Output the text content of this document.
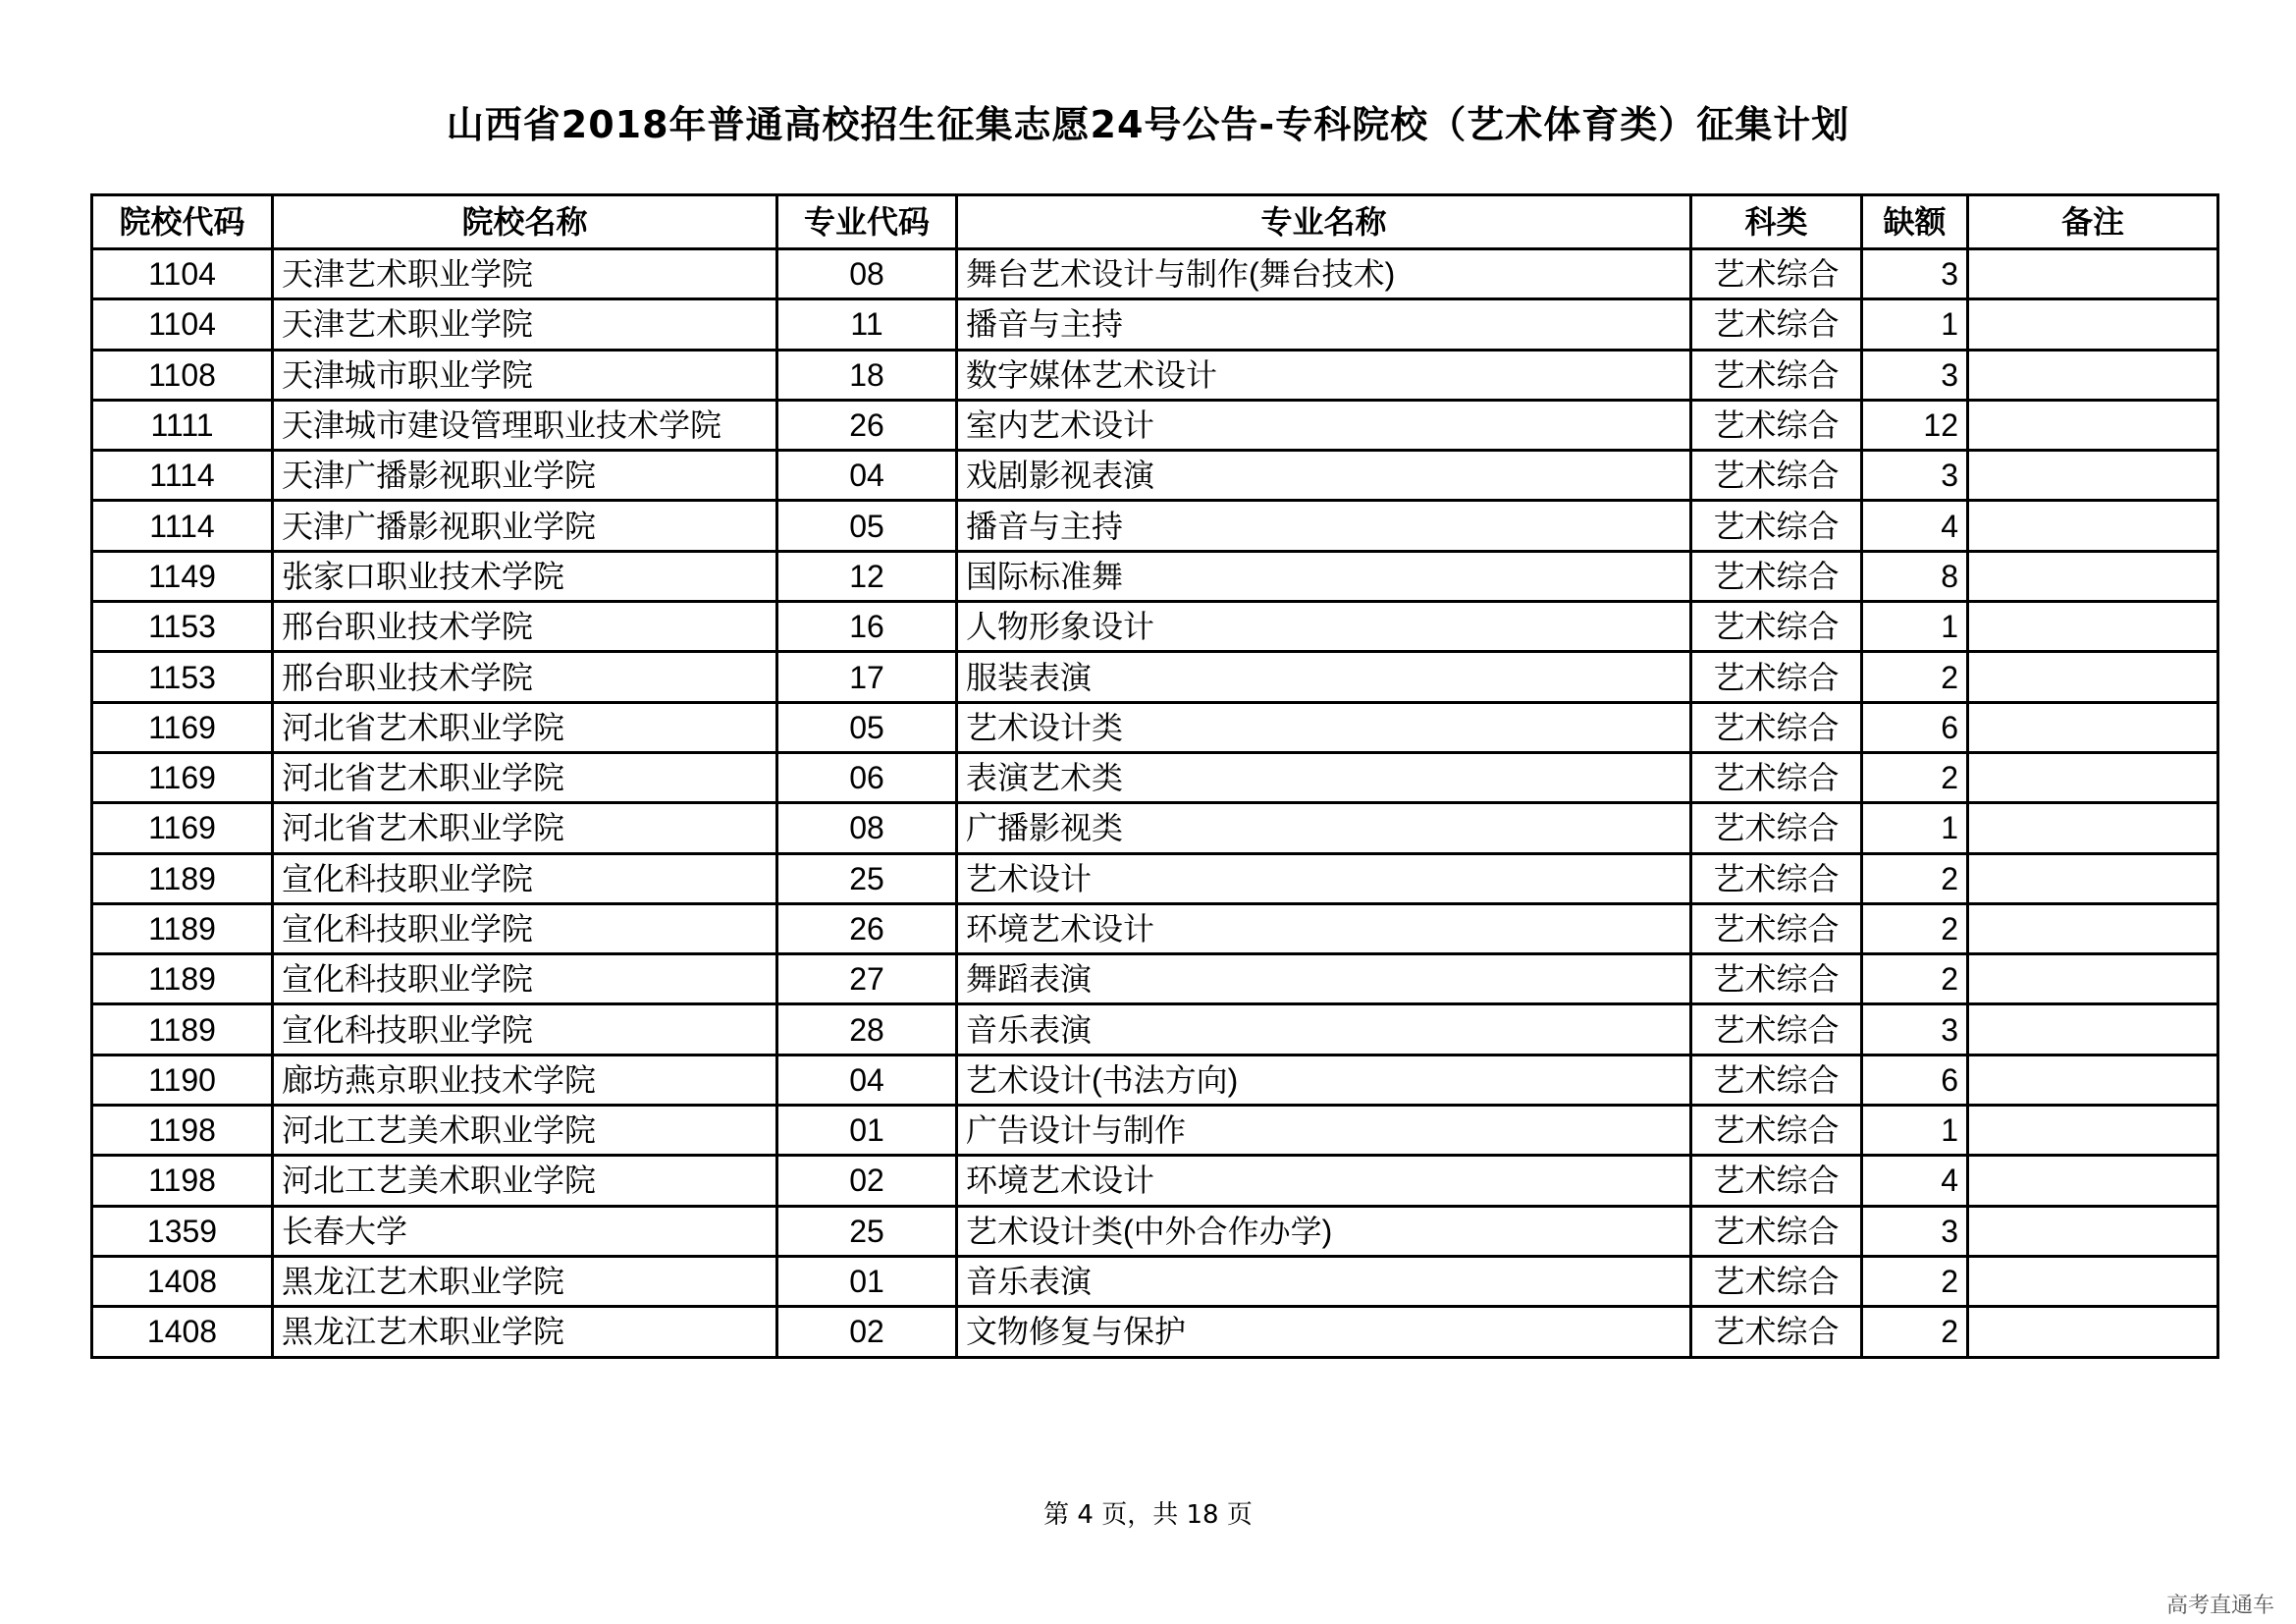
山西省2018年普通高校招生征集志愿24号公告-专科院校（艺术体育类）征集计划
院校代码	院校名称	专业代码	专业名称	科类	缺额	备注
1104	天津艺术职业学院	08	舞台艺术设计与制作(舞台技术)	艺术综合	3	
1104	天津艺术职业学院	11	播音与主持	艺术综合	1	
1108	天津城市职业学院	18	数字媒体艺术设计	艺术综合	3	
1111	天津城市建设管理职业技术学院	26	室内艺术设计	艺术综合	12	
1114	天津广播影视职业学院	04	戏剧影视表演	艺术综合	3	
1114	天津广播影视职业学院	05	播音与主持	艺术综合	4	
1149	张家口职业技术学院	12	国际标准舞	艺术综合	8	
1153	邢台职业技术学院	16	人物形象设计	艺术综合	1	
1153	邢台职业技术学院	17	服装表演	艺术综合	2	
1169	河北省艺术职业学院	05	艺术设计类	艺术综合	6	
1169	河北省艺术职业学院	06	表演艺术类	艺术综合	2	
1169	河北省艺术职业学院	08	广播影视类	艺术综合	1	
1189	宣化科技职业学院	25	艺术设计	艺术综合	2	
1189	宣化科技职业学院	26	环境艺术设计	艺术综合	2	
1189	宣化科技职业学院	27	舞蹈表演	艺术综合	2	
1189	宣化科技职业学院	28	音乐表演	艺术综合	3	
1190	廊坊燕京职业技术学院	04	艺术设计(书法方向)	艺术综合	6	
1198	河北工艺美术职业学院	01	广告设计与制作	艺术综合	1	
1198	河北工艺美术职业学院	02	环境艺术设计	艺术综合	4	
1359	长春大学	25	艺术设计类(中外合作办学)	艺术综合	3	
1408	黑龙江艺术职业学院	01	音乐表演	艺术综合	2	
1408	黑龙江艺术职业学院	02	文物修复与保护	艺术综合	2	
第 4 页，共 18 页
高考直通车
